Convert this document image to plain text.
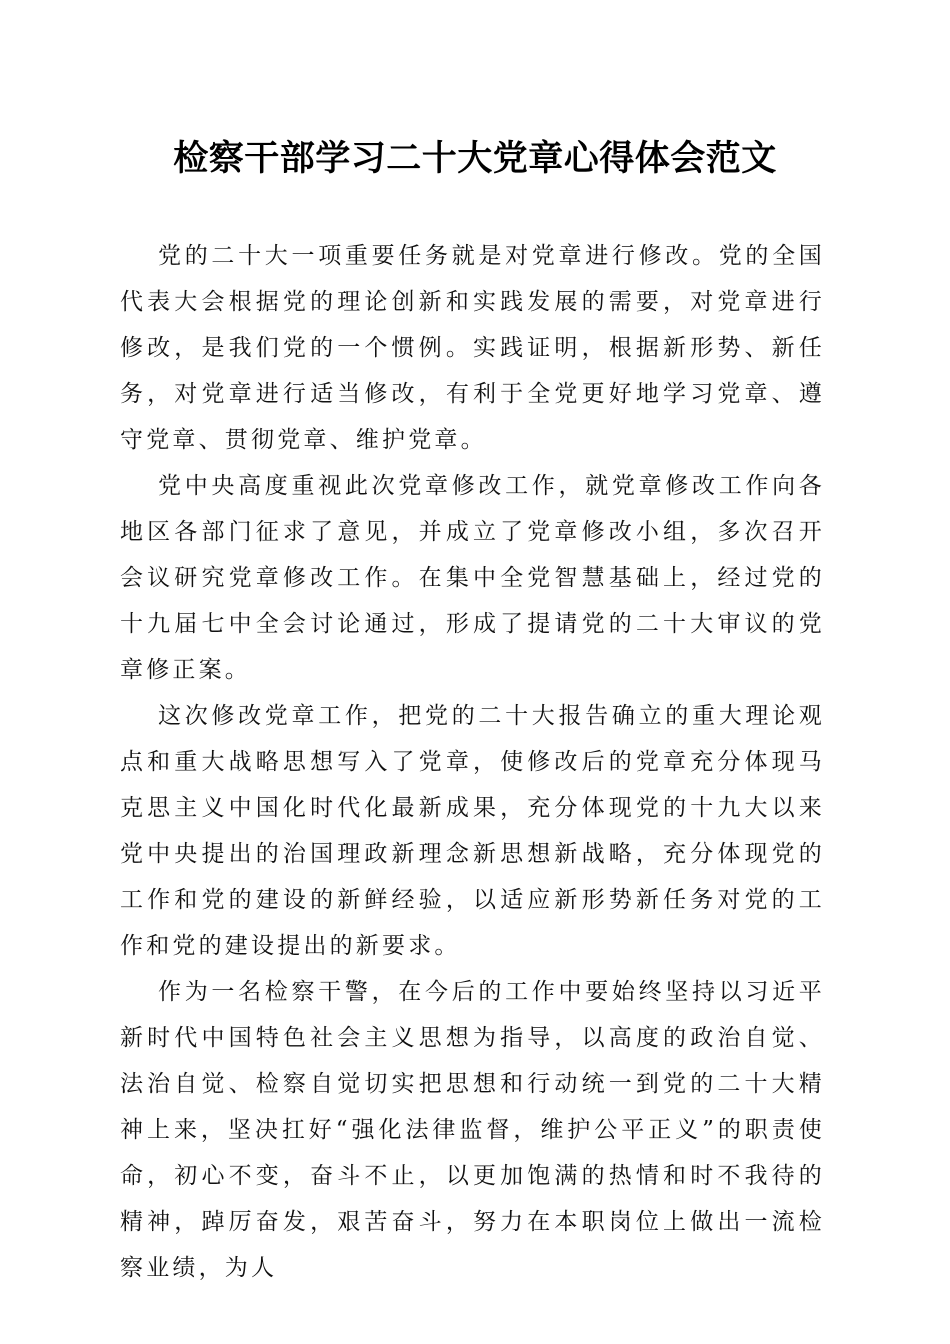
检察干部学习二十大党章心得体会范文

党的二十大一项重要任务就是对党章进行修改。党的全国代表大会根据党的理论创新和实践发展的需要，对党章进行修改，是我们党的一个惯例。实践证明，根据新形势、新任务，对党章进行适当修改，有利于全党更好地学习党章、遵守党章、贯彻党章、维护党章。

党中央高度重视此次党章修改工作，就党章修改工作向各地区各部门征求了意见，并成立了党章修改小组，多次召开会议研究党章修改工作。在集中全党智慧基础上，经过党的十九届七中全会讨论通过，形成了提请党的二十大审议的党章修正案。

这次修改党章工作，把党的二十大报告确立的重大理论观点和重大战略思想写入了党章，使修改后的党章充分体现马克思主义中国化时代化最新成果，充分体现党的十九大以来党中央提出的治国理政新理念新思想新战略，充分体现党的工作和党的建设的新鲜经验，以适应新形势新任务对党的工作和党的建设提出的新要求。

作为一名检察干警，在今后的工作中要始终坚持以习近平新时代中国特色社会主义思想为指导，以高度的政治自觉、法治自觉、检察自觉切实把思想和行动统一到党的二十大精神上来，坚决扛好“强化法律监督，维护公平正义”的职责使命，初心不变，奋斗不止，以更加饱满的热情和时不我待的精神，踔厉奋发，艰苦奋斗，努力在本职岗位上做出一流检察业绩，为人
